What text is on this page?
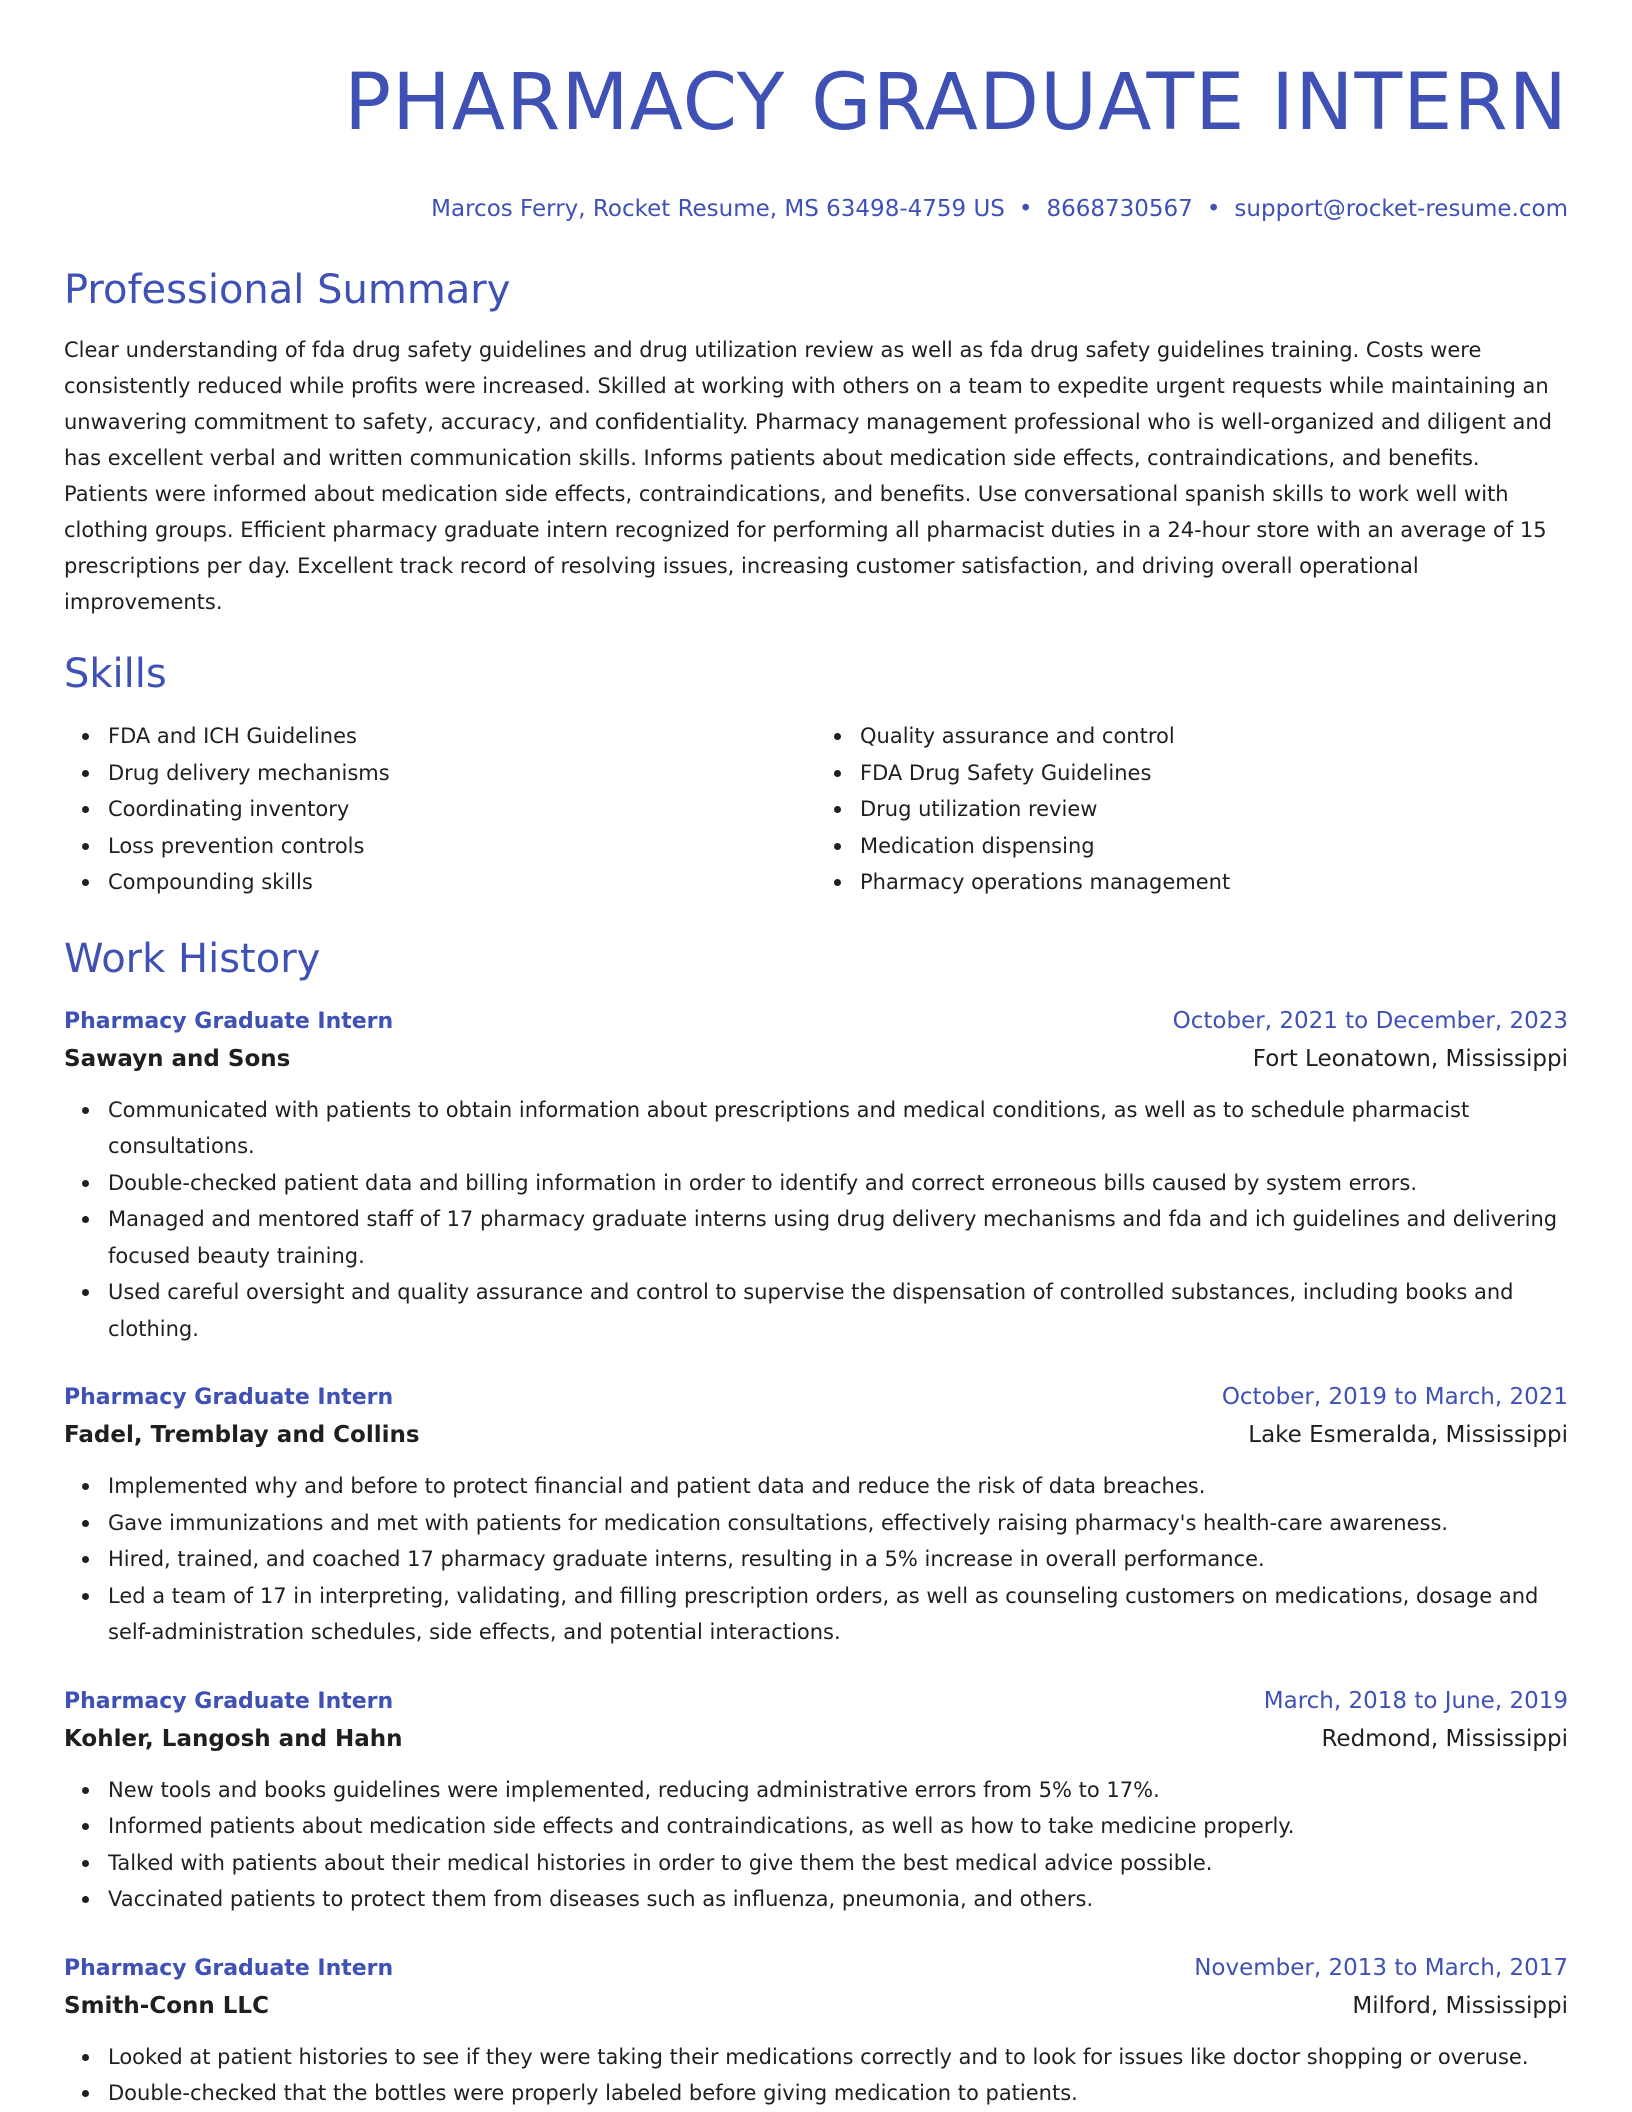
PHARMACY GRADUATE INTERN
Marcos Ferry, Rocket Resume, MS 63498-4759 US • 8668730567 • support@rocket-resume.com
Professional Summary
Clear understanding of fda drug safety guidelines and drug utilization review as well as fda drug safety guidelines training. Costs were consistently reduced while profits were increased. Skilled at working with others on a team to expedite urgent requests while maintaining an unwavering commitment to safety, accuracy, and confidentiality. Pharmacy management professional who is well-organized and diligent and has excellent verbal and written communication skills. Informs patients about medication side effects, contraindications, and benefits. Patients were informed about medication side effects, contraindications, and benefits. Use conversational spanish skills to work well with clothing groups. Efficient pharmacy graduate intern recognized for performing all pharmacist duties in a 24-hour store with an average of 15 prescriptions per day. Excellent track record of resolving issues, increasing customer satisfaction, and driving overall operational improvements.
Skills
FDA and ICH Guidelines
Drug delivery mechanisms
Coordinating inventory
Loss prevention controls
Compounding skills
Quality assurance and control
FDA Drug Safety Guidelines
Drug utilization review
Medication dispensing
Pharmacy operations management
Work History
Pharmacy Graduate Intern	October, 2021 to December, 2023
Sawayn and Sons	Fort Leonatown, Mississippi
Communicated with patients to obtain information about prescriptions and medical conditions, as well as to schedule pharmacist consultations.
Double-checked patient data and billing information in order to identify and correct erroneous bills caused by system errors.
Managed and mentored staff of 17 pharmacy graduate interns using drug delivery mechanisms and fda and ich guidelines and delivering focused beauty training.
Used careful oversight and quality assurance and control to supervise the dispensation of controlled substances, including books and clothing.
Pharmacy Graduate Intern	October, 2019 to March, 2021
Fadel, Tremblay and Collins	Lake Esmeralda, Mississippi
Implemented why and before to protect financial and patient data and reduce the risk of data breaches.
Gave immunizations and met with patients for medication consultations, effectively raising pharmacy's health-care awareness.
Hired, trained, and coached 17 pharmacy graduate interns, resulting in a 5% increase in overall performance.
Led a team of 17 in interpreting, validating, and filling prescription orders, as well as counseling customers on medications, dosage and self-administration schedules, side effects, and potential interactions.
Pharmacy Graduate Intern	March, 2018 to June, 2019
Kohler, Langosh and Hahn	Redmond, Mississippi
New tools and books guidelines were implemented, reducing administrative errors from 5% to 17%.
Informed patients about medication side effects and contraindications, as well as how to take medicine properly.
Talked with patients about their medical histories in order to give them the best medical advice possible.
Vaccinated patients to protect them from diseases such as influenza, pneumonia, and others.
Pharmacy Graduate Intern	November, 2013 to March, 2017
Smith-Conn LLC	Milford, Mississippi
Looked at patient histories to see if they were taking their medications correctly and to look for issues like doctor shopping or overuse.
Double-checked that the bottles were properly labeled before giving medication to patients.
